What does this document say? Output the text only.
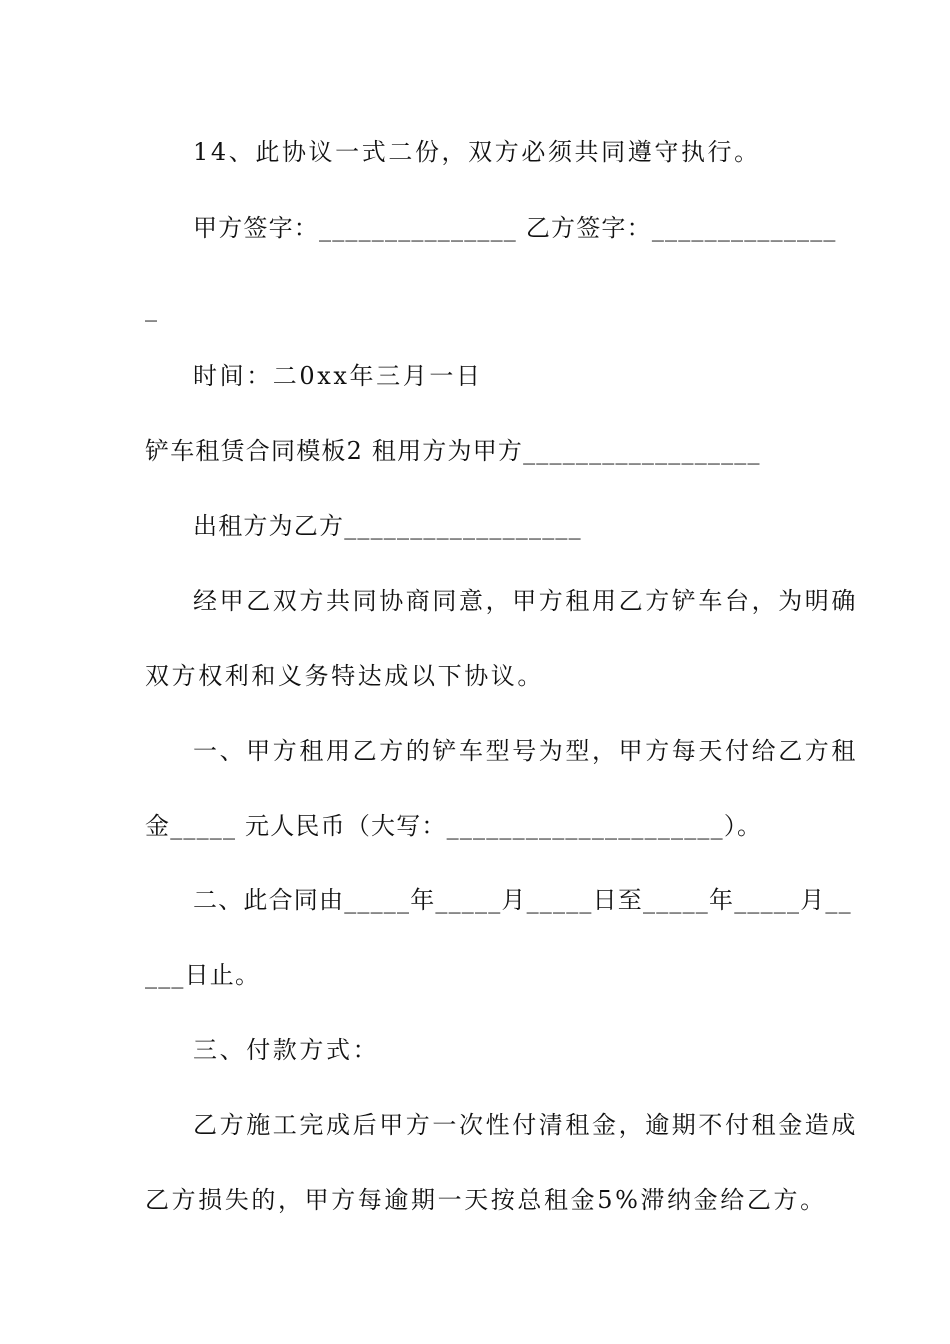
14、此协议一式二份，双方必须共同遵守执行。
甲方签字：_______________ 乙方签字：______________
_
时间：二0xx年三月一日
铲车租赁合同模板2 租用方为甲方__________________
出租方为乙方__________________
经甲乙双方共同协商同意，甲方租用乙方铲车台，为明确
双方权利和义务特达成以下协议。
一、甲方租用乙方的铲车型号为型，甲方每天付给乙方租
金_____ 元人民币（大写：_____________________）。
二、此合同由_____年_____月_____日至_____年_____月__
___日止。
三、付款方式：
乙方施工完成后甲方一次性付清租金，逾期不付租金造成
乙方损失的，甲方每逾期一天按总租金5%滞纳金给乙方。
